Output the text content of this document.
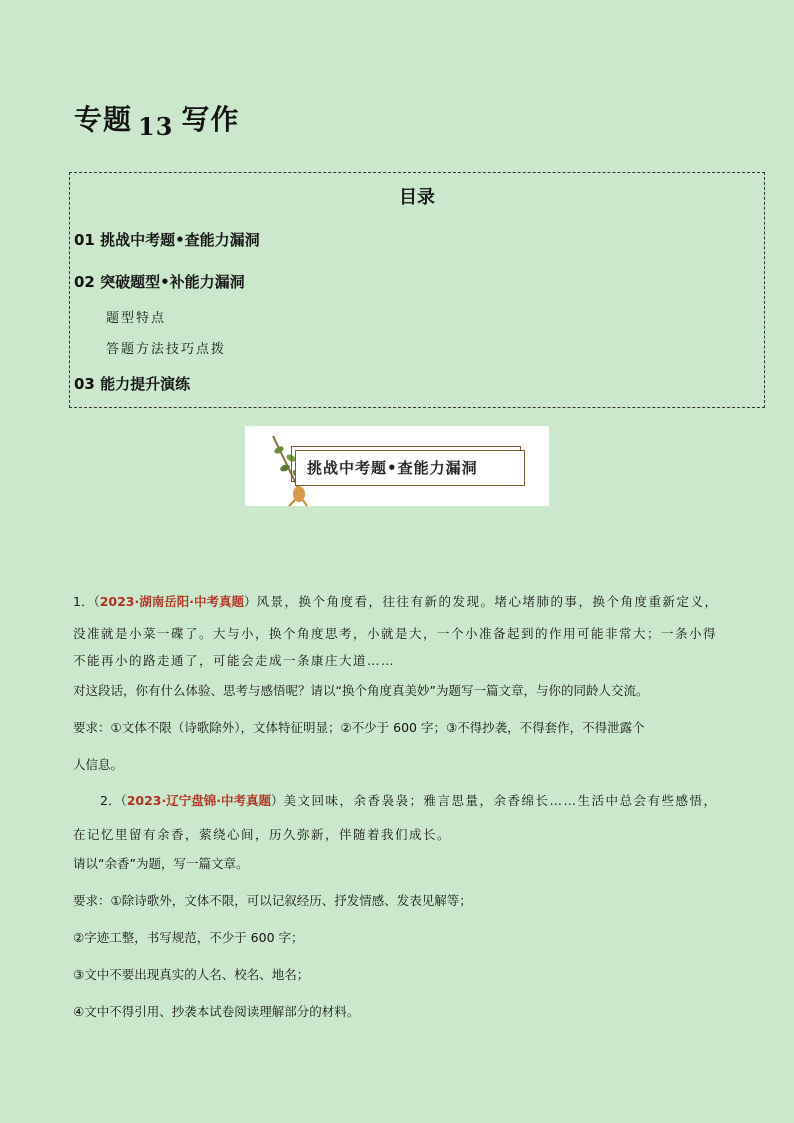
专题 13 写作
目录
01 挑战中考题•查能力漏洞
02 突破题型•补能力漏洞
题型特点
答题方法技巧点拨
03 能力提升演练
挑战中考题•查能力漏洞
1．（2023·湖南岳阳·中考真题）风景，换个角度看，往往有新的发现。堵心堵肺的事，换个角度重新定义，
没准就是小菜一碟了。大与小，换个角度思考，小就是大，一个小准备起到的作用可能非常大；一条小得
不能再小的路走通了，可能会走成一条康庄大道……
对这段话，你有什么体验、思考与感悟呢？请以“换个角度真美妙”为题写一篇文章，与你的同龄人交流。
要求：①文体不限（诗歌除外），文体特征明显；②不少于 600 字；③不得抄袭，不得套作，不得泄露个
人信息。
2．（2023·辽宁盘锦·中考真题）美文回味，余香袅袅；雅言思量，余香绵长……生活中总会有些感悟，
在记忆里留有余香，萦绕心间，历久弥新，伴随着我们成长。
请以“余香”为题，写一篇文章。
要求：①除诗歌外，文体不限，可以记叙经历、抒发情感、发表见解等；
②字迹工整，书写规范，不少于 600 字；
③文中不要出现真实的人名、校名、地名；
④文中不得引用、抄袭本试卷阅读理解部分的材料。
